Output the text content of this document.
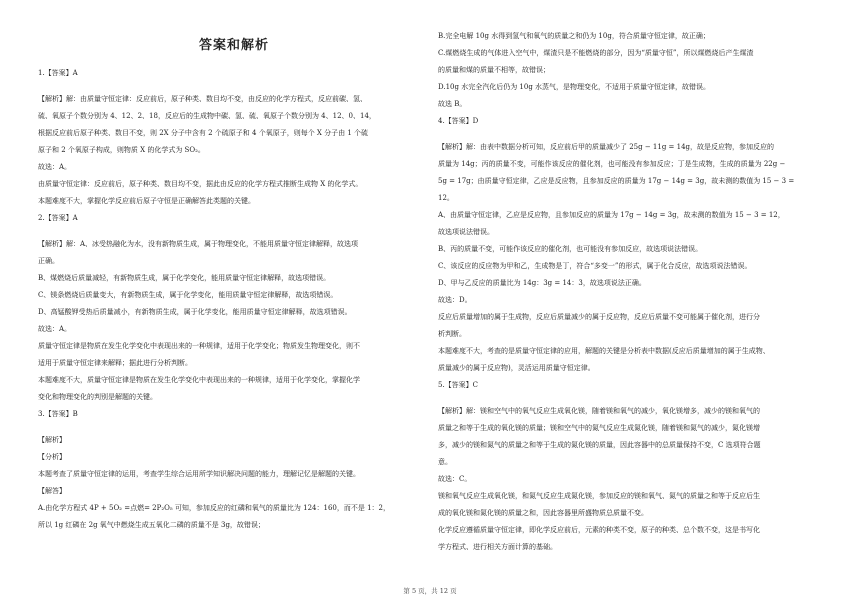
答案和解析

1.【答案】A

【解析】解：由质量守恒定律：反应前后，原子种类、数目均不变，由反应的化学方程式，反应前碳、氢、

硫、氧原子个数分别为 4、12、2、18，反应后的生成物中碳、氢、硫、氧原子个数分别为 4、12、0、14，

根据反应前后原子种类、数目不变，则 2X 分子中含有 2 个硫原子和 4 个氧原子，则每个 X 分子由 1 个硫

原子和 2 个氧原子构成，则物质 X 的化学式为 SO₂。

故选：A。

由质量守恒定律：反应前后，原子种类、数目均不变，据此由反应的化学方程式推断生成物 X 的化学式。

本题难度不大，掌握化学反应前后原子守恒是正确解答此类题的关键。

2.【答案】A

【解析】解：A、冰受热融化为水，没有新物质生成，属于物理变化，不能用质量守恒定律解释，故选项

正确。

B、煤燃烧后质量减轻，有新物质生成，属于化学变化，能用质量守恒定律解释，故选项错误。

C、镁条燃烧后质量变大，有新物质生成，属于化学变化，能用质量守恒定律解释，故选项错误。

D、高锰酸钾受热后质量减小，有新物质生成，属于化学变化，能用质量守恒定律解释，故选项错误。

故选：A。

质量守恒定律是物质在发生化学变化中表现出来的一种规律，适用于化学变化；物质发生物理变化，则不

适用于质量守恒定律来解释；据此进行分析判断。

本题难度不大，质量守恒定律是物质在发生化学变化中表现出来的一种规律，适用于化学变化，掌握化学

变化和物理变化的判别是解题的关键。

3.【答案】B

【解析】

【分析】

本题考查了质量守恒定律的运用，考查学生综合运用所学知识解决问题的能力，理解记忆是解题的关键。

【解答】

A.由化学方程式 4P + 5O₂ =点燃= 2P₂O₅ 可知，参加反应的红磷和氧气的质量比为 124：160，而不是 1：2，

所以 1g 红磷在 2g 氧气中燃烧生成五氧化二磷的质量不是 3g，故错误；

B.完全电解 10g 水得到氢气和氧气的质量之和仍为 10g，符合质量守恒定律，故正确；

C.煤燃烧生成的气体进入空气中，煤渣只是不能燃烧的部分，因为“质量守恒”，所以煤燃烧后产生煤渣

的质量和煤的质量不相等，故错误；

D.10g 水完全汽化后仍为 10g 水蒸气，是物理变化，不适用于质量守恒定律，故错误。

故选 B。

4.【答案】D

【解析】解：由表中数据分析可知，反应前后甲的质量减少了 25g − 11g = 14g，故是反应物，参加反应的

质量为 14g；丙的质量不变，可能作该反应的催化剂，也可能没有参加反应；丁是生成物，生成的质量为 22g −

5g = 17g；由质量守恒定律，乙应是反应物，且参加反应的质量为 17g − 14g = 3g，故未测的数值为 15 − 3 =

12。

A、由质量守恒定律，乙应是反应物，且参加反应的质量为 17g − 14g = 3g，故未测的数值为 15 − 3 = 12，

故选项说法错误。

B、丙的质量不变，可能作该反应的催化剂，也可能没有参加反应，故选项说法错误。

C、该反应的反应物为甲和乙，生成物是丁，符合“多变一”的形式，属于化合反应，故选项说法错误。

D、甲与乙反应的质量比为 14g：3g = 14：3，故选项说法正确。

故选：D。

反应后质量增加的属于生成物，反应后质量减少的属于反应物，反应后质量不变可能属于催化剂，进行分

析判断。

本题难度不大，考查的是质量守恒定律的应用，解题的关键是分析表中数据(反应后质量增加的属于生成物、

质量减少的属于反应物)，灵活运用质量守恒定律。

5.【答案】C

【解析】解：镁和空气中的氧气反应生成氧化镁，随着镁和氧气的减少，氧化镁增多，减少的镁和氧气的

质量之和等于生成的氧化镁的质量；镁和空气中的氮气反应生成氮化镁，随着镁和氮气的减少，氮化镁增

多，减少的镁和氮气的质量之和等于生成的氮化镁的质量，因此容器中的总质量保持不变，C 选项符合题

意。

故选：C。

镁和氧气反应生成氧化镁，和氮气反应生成氮化镁，参加反应的镁和氧气、氮气的质量之和等于反应后生

成的氧化镁和氮化镁的质量之和，因此容器里所盛物质总质量不变。

化学反应遵循质量守恒定律，即化学反应前后，元素的种类不变，原子的种类、总个数不变，这是书写化

学方程式、进行相关方面计算的基础。

第 5 页，共 12 页
